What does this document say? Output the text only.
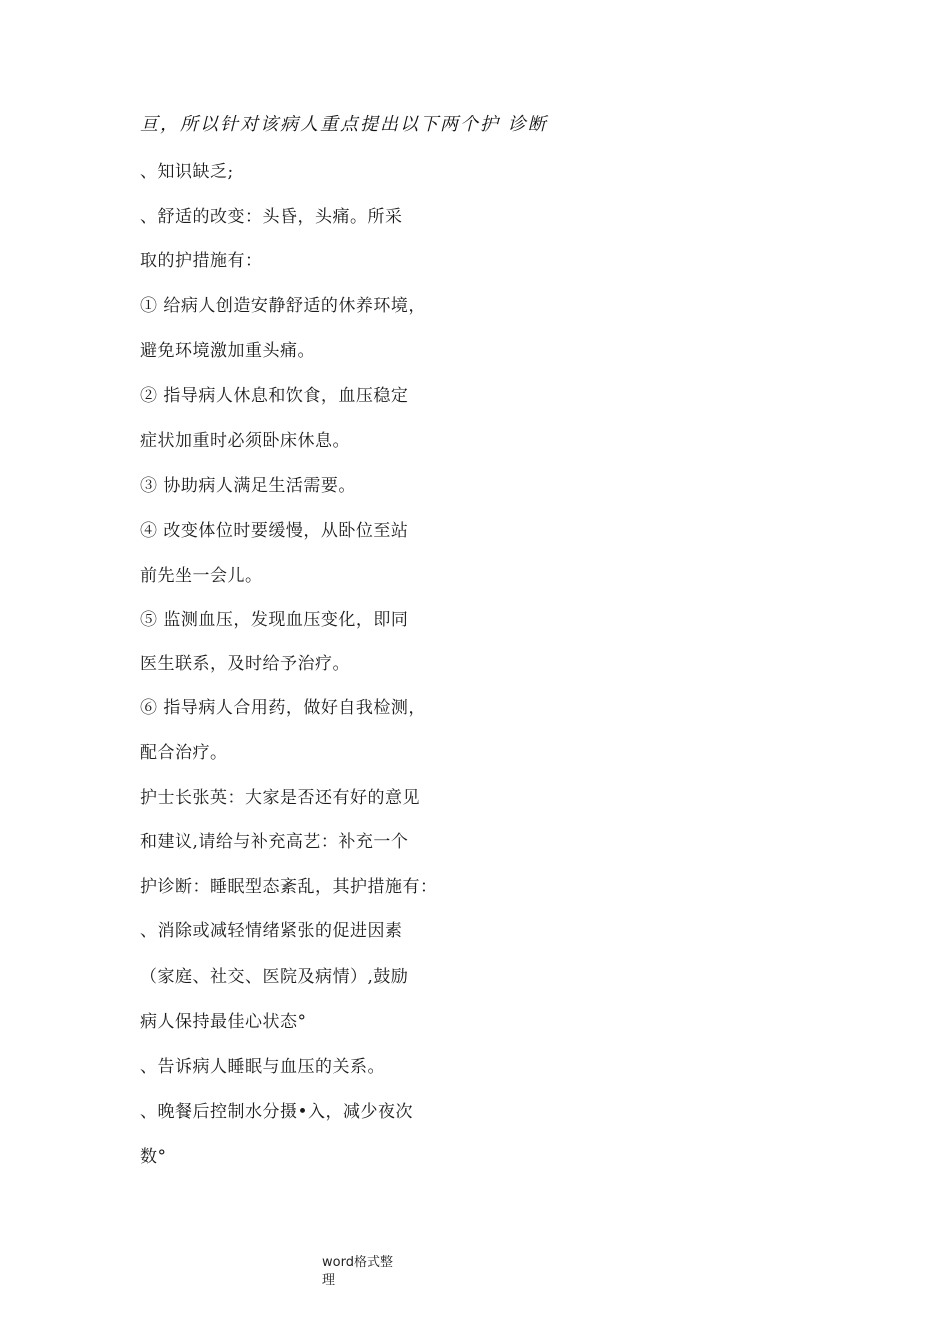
亘，所以针对该病人重点提出以下两个护 诊断
、知识缺乏;
、舒适的改变：头昏，头痛。所采
取的护措施有：
① 给病人创造安静舒适的休养环境，
避免环境激加重头痛。
② 指导病人休息和饮食，血压稳定
症状加重时必须卧床休息。
③ 协助病人满足生活需要。
④ 改变体位时要缓慢，从卧位至站
前先坐一会儿。
⑤ 监测血压，发现血压变化，即同
医生联系，及时给予治疗。
⑥ 指导病人合用药，做好自我检测，
配合治疗。
护士长张英：大家是否还有好的意见
和建议,请给与补充高艺：补充一个
护诊断：睡眠型态紊乱，其护措施有：
、消除或减轻情绪紧张的促进因素
（家庭、社交、医院及病情）,鼓励
病人保持最佳心状态°
、告诉病人睡眠与血压的关系。
、晚餐后控制水分摄•入，减少夜次
数°
word格式整
理
